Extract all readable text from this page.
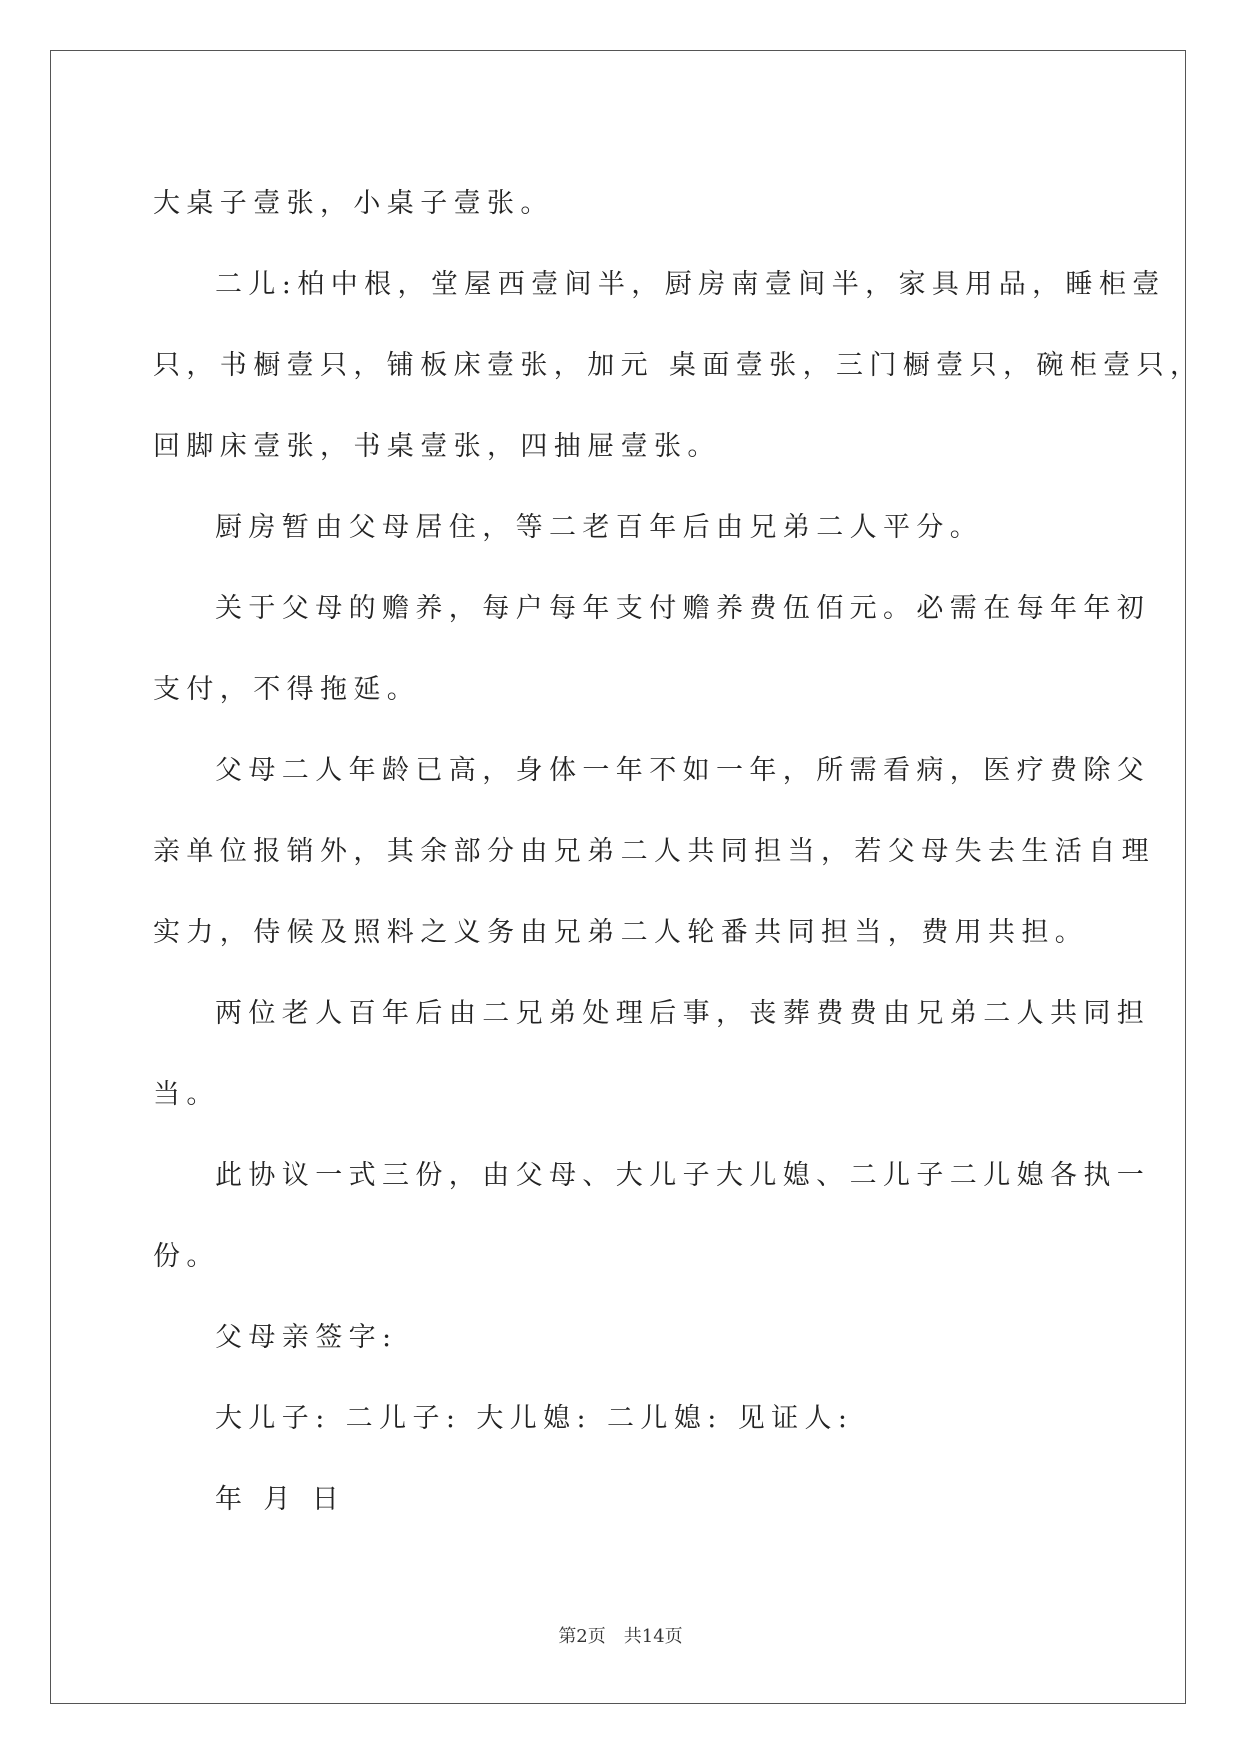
大桌子壹张，小桌子壹张。

二儿:柏中根，堂屋西壹间半，厨房南壹间半，家具用品，睡柜壹

只，书橱壹只，铺板床壹张，加元 桌面壹张，三门橱壹只，碗柜壹只，

回脚床壹张，书桌壹张，四抽屉壹张。

厨房暂由父母居住，等二老百年后由兄弟二人平分。

关于父母的赡养，每户每年支付赡养费伍佰元。必需在每年年初

支付，不得拖延。

父母二人年龄已高，身体一年不如一年，所需看病，医疗费除父

亲单位报销外，其余部分由兄弟二人共同担当，若父母失去生活自理

实力，侍候及照料之义务由兄弟二人轮番共同担当，费用共担。

两位老人百年后由二兄弟处理后事，丧葬费费由兄弟二人共同担

当。

此协议一式三份，由父母、大儿子大儿媳、二儿子二儿媳各执一

份。

父母亲签字:

大儿子: 二儿子: 大儿媳: 二儿媳: 见证人:

年 月 日

第2页　共14页
